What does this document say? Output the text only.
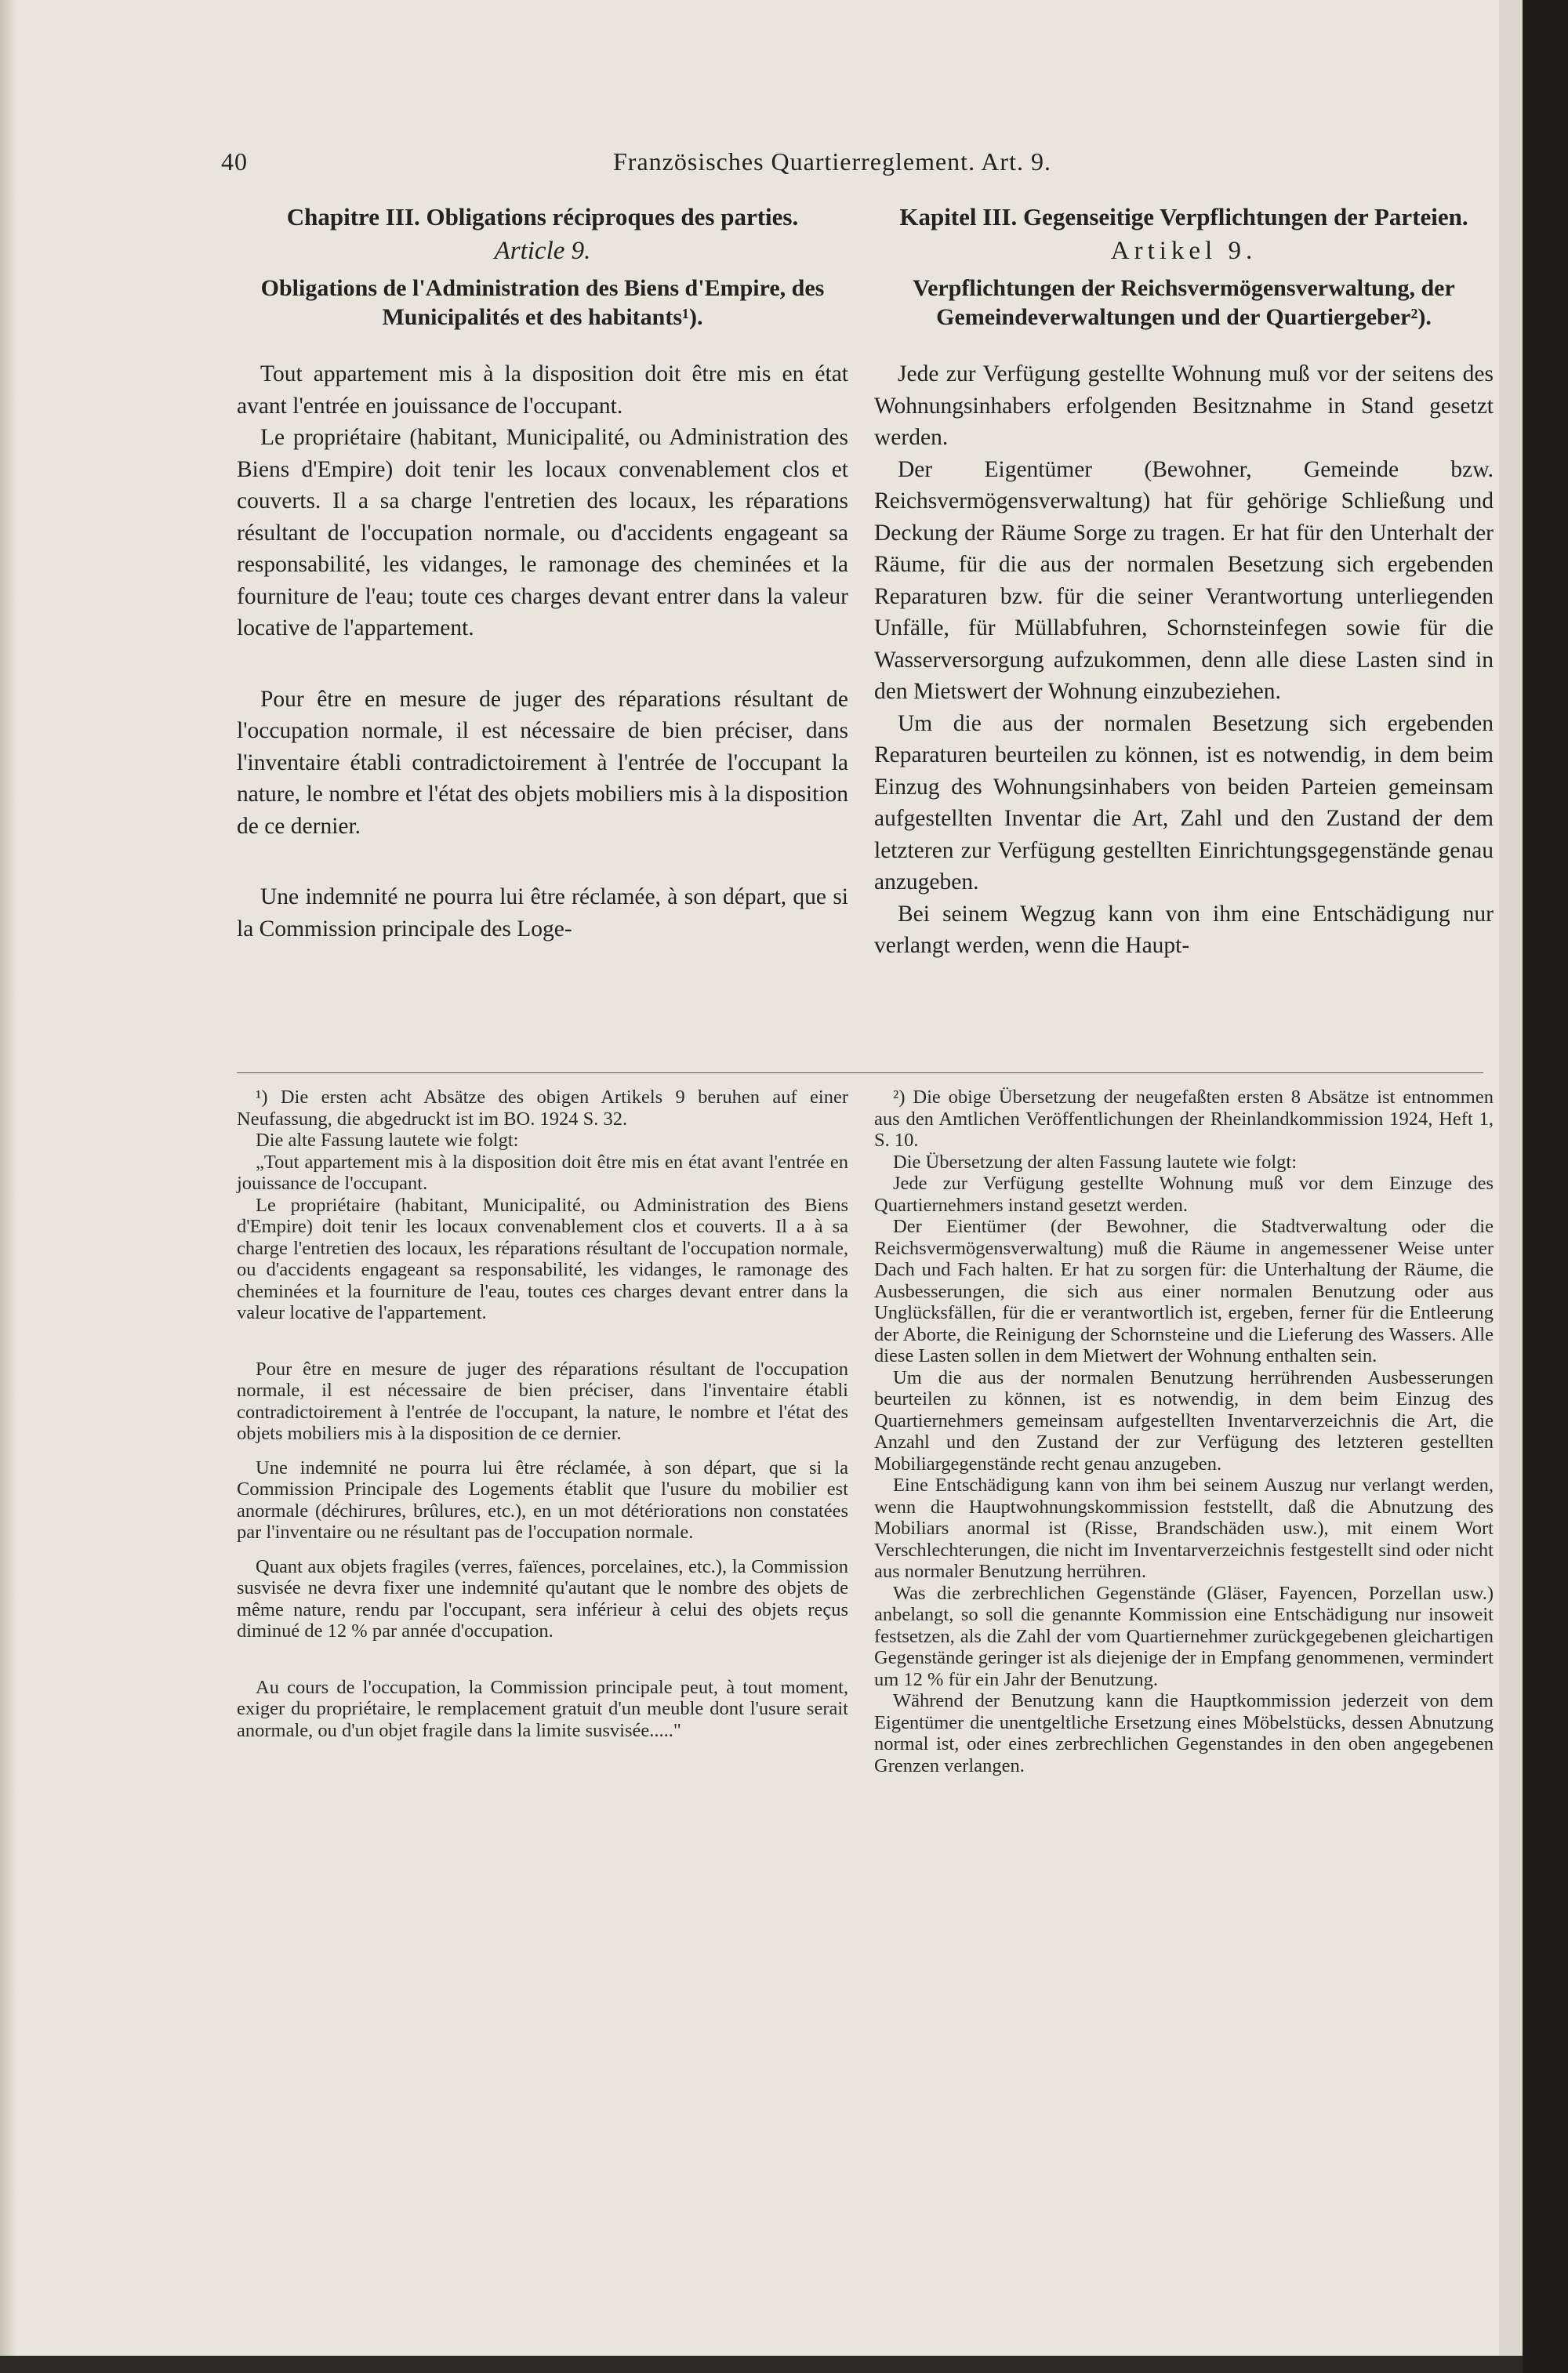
40	Französisches Quartierreglement. Art. 9.

Chapitre III. Obligations réciproques des parties.

Article 9.

Obligations de l'Administration des Biens d'Empire, des Municipalités et des habitants¹).

Tout appartement mis à la disposition doit être mis en état avant l'entrée en jouissance de l'occupant.

Le propriétaire (habitant, Municipalité, ou Administration des Biens d'Empire) doit tenir les locaux convenablement clos et couverts. Il a sa charge l'entretien des locaux, les réparations résultant de l'occupation normale, ou d'accidents engageant sa responsabilité, les vidanges, le ramonage des cheminées et la fourniture de l'eau; toute ces charges devant entrer dans la valeur locative de l'appartement.

Pour être en mesure de juger des réparations résultant de l'occupation normale, il est nécessaire de bien préciser, dans l'inventaire établi contradictoirement à l'entrée de l'occupant la nature, le nombre et l'état des objets mobiliers mis à la disposition de ce dernier.

Une indemnité ne pourra lui être réclamée, à son départ, que si la Commission principale des Loge-

Kapitel III. Gegenseitige Verpflichtungen der Parteien.

Artikel 9.

Verpflichtungen der Reichsvermögensverwaltung, der Gemeindeverwaltungen und der Quartiergeber²).

Jede zur Verfügung gestellte Wohnung muß vor der seitens des Wohnungsinhabers erfolgenden Besitznahme in Stand gesetzt werden.

Der Eigentümer (Bewohner, Gemeinde bzw. Reichsvermögensverwaltung) hat für gehörige Schließung und Deckung der Räume Sorge zu tragen. Er hat für den Unterhalt der Räume, für die aus der normalen Besetzung sich ergebenden Reparaturen bzw. für die seiner Verantwortung unterliegenden Unfälle, für Müllabfuhren, Schornsteinfegen sowie für die Wasserversorgung aufzukommen, denn alle diese Lasten sind in den Mietswert der Wohnung einzubeziehen.

Um die aus der normalen Besetzung sich ergebenden Reparaturen beurteilen zu können, ist es notwendig, in dem beim Einzug des Wohnungsinhabers von beiden Parteien gemeinsam aufgestellten Inventar die Art, Zahl und den Zustand der dem letzteren zur Verfügung gestellten Einrichtungsgegenstände genau anzugeben.

Bei seinem Wegzug kann von ihm eine Entschädigung nur verlangt werden, wenn die Haupt-

¹) Die ersten acht Absätze des obigen Artikels 9 beruhen auf einer Neufassung, die abgedruckt ist im BO. 1924 S. 32.

Die alte Fassung lautete wie folgt:

„Tout appartement mis à la disposition doit être mis en état avant l'entrée en jouissance de l'occupant.

Le propriétaire (habitant, Municipalité, ou Administration des Biens d'Empire) doit tenir les locaux convenablement clos et couverts. Il a à sa charge l'entretien des locaux, les réparations résultant de l'occupation normale, ou d'accidents engageant sa responsabilité, les vidanges, le ramonage des cheminées et la fourniture de l'eau, toutes ces charges devant entrer dans la valeur locative de l'appartement.

Pour être en mesure de juger des réparations résultant de l'occupation normale, il est nécessaire de bien préciser, dans l'inventaire établi contradictoirement à l'entrée de l'occupant, la nature, le nombre et l'état des objets mobiliers mis à la disposition de ce dernier.

Une indemnité ne pourra lui être réclamée, à son départ, que si la Commission Principale des Logements établit que l'usure du mobilier est anormale (déchirures, brûlures, etc.), en un mot détériorations non constatées par l'inventaire ou ne résultant pas de l'occupation normale.

Quant aux objets fragiles (verres, faïences, porcelaines, etc.), la Commission susvisée ne devra fixer une indemnité qu'autant que le nombre des objets de même nature, rendu par l'occupant, sera inférieur à celui des objets reçus diminué de 12 % par année d'occupation.

Au cours de l'occupation, la Commission principale peut, à tout moment, exiger du propriétaire, le remplacement gratuit d'un meuble dont l'usure serait anormale, ou d'un objet fragile dans la limite susvisée....."

²) Die obige Übersetzung der neugefaßten ersten 8 Absätze ist entnommen aus den Amtlichen Veröffentlichungen der Rheinlandkommission 1924, Heft 1, S. 10.

Die Übersetzung der alten Fassung lautete wie folgt:

Jede zur Verfügung gestellte Wohnung muß vor dem Einzuge des Quartiernehmers instand gesetzt werden.

Der Eientümer (der Bewohner, die Stadtverwaltung oder die Reichsvermögensverwaltung) muß die Räume in angemessener Weise unter Dach und Fach halten. Er hat zu sorgen für: die Unterhaltung der Räume, die Ausbesserungen, die sich aus einer normalen Benutzung oder aus Unglücksfällen, für die er verantwortlich ist, ergeben, ferner für die Entleerung der Aborte, die Reinigung der Schornsteine und die Lieferung des Wassers. Alle diese Lasten sollen in dem Mietwert der Wohnung enthalten sein.

Um die aus der normalen Benutzung herrührenden Ausbesserungen beurteilen zu können, ist es notwendig, in dem beim Einzug des Quartiernehmers gemeinsam aufgestellten Inventarverzeichnis die Art, die Anzahl und den Zustand der zur Verfügung des letzteren gestellten Mobiliargegenstände recht genau anzugeben.

Eine Entschädigung kann von ihm bei seinem Auszug nur verlangt werden, wenn die Hauptwohnungskommission feststellt, daß die Abnutzung des Mobiliars anormal ist (Risse, Brandschäden usw.), mit einem Wort Verschlechterungen, die nicht im Inventarverzeichnis festgestellt sind oder nicht aus normaler Benutzung herrühren.

Was die zerbrechlichen Gegenstände (Gläser, Fayencen, Porzellan usw.) anbelangt, so soll die genannte Kommission eine Entschädigung nur insoweit festsetzen, als die Zahl der vom Quartiernehmer zurückgegebenen gleichartigen Gegenstände geringer ist als diejenige der in Empfang genommenen, vermindert um 12 % für ein Jahr der Benutzung.

Während der Benutzung kann die Hauptkommission jederzeit von dem Eigentümer die unentgeltliche Ersetzung eines Möbelstücks, dessen Abnutzung normal ist, oder eines zerbrechlichen Gegenstandes in den oben angegebenen Grenzen verlangen.
